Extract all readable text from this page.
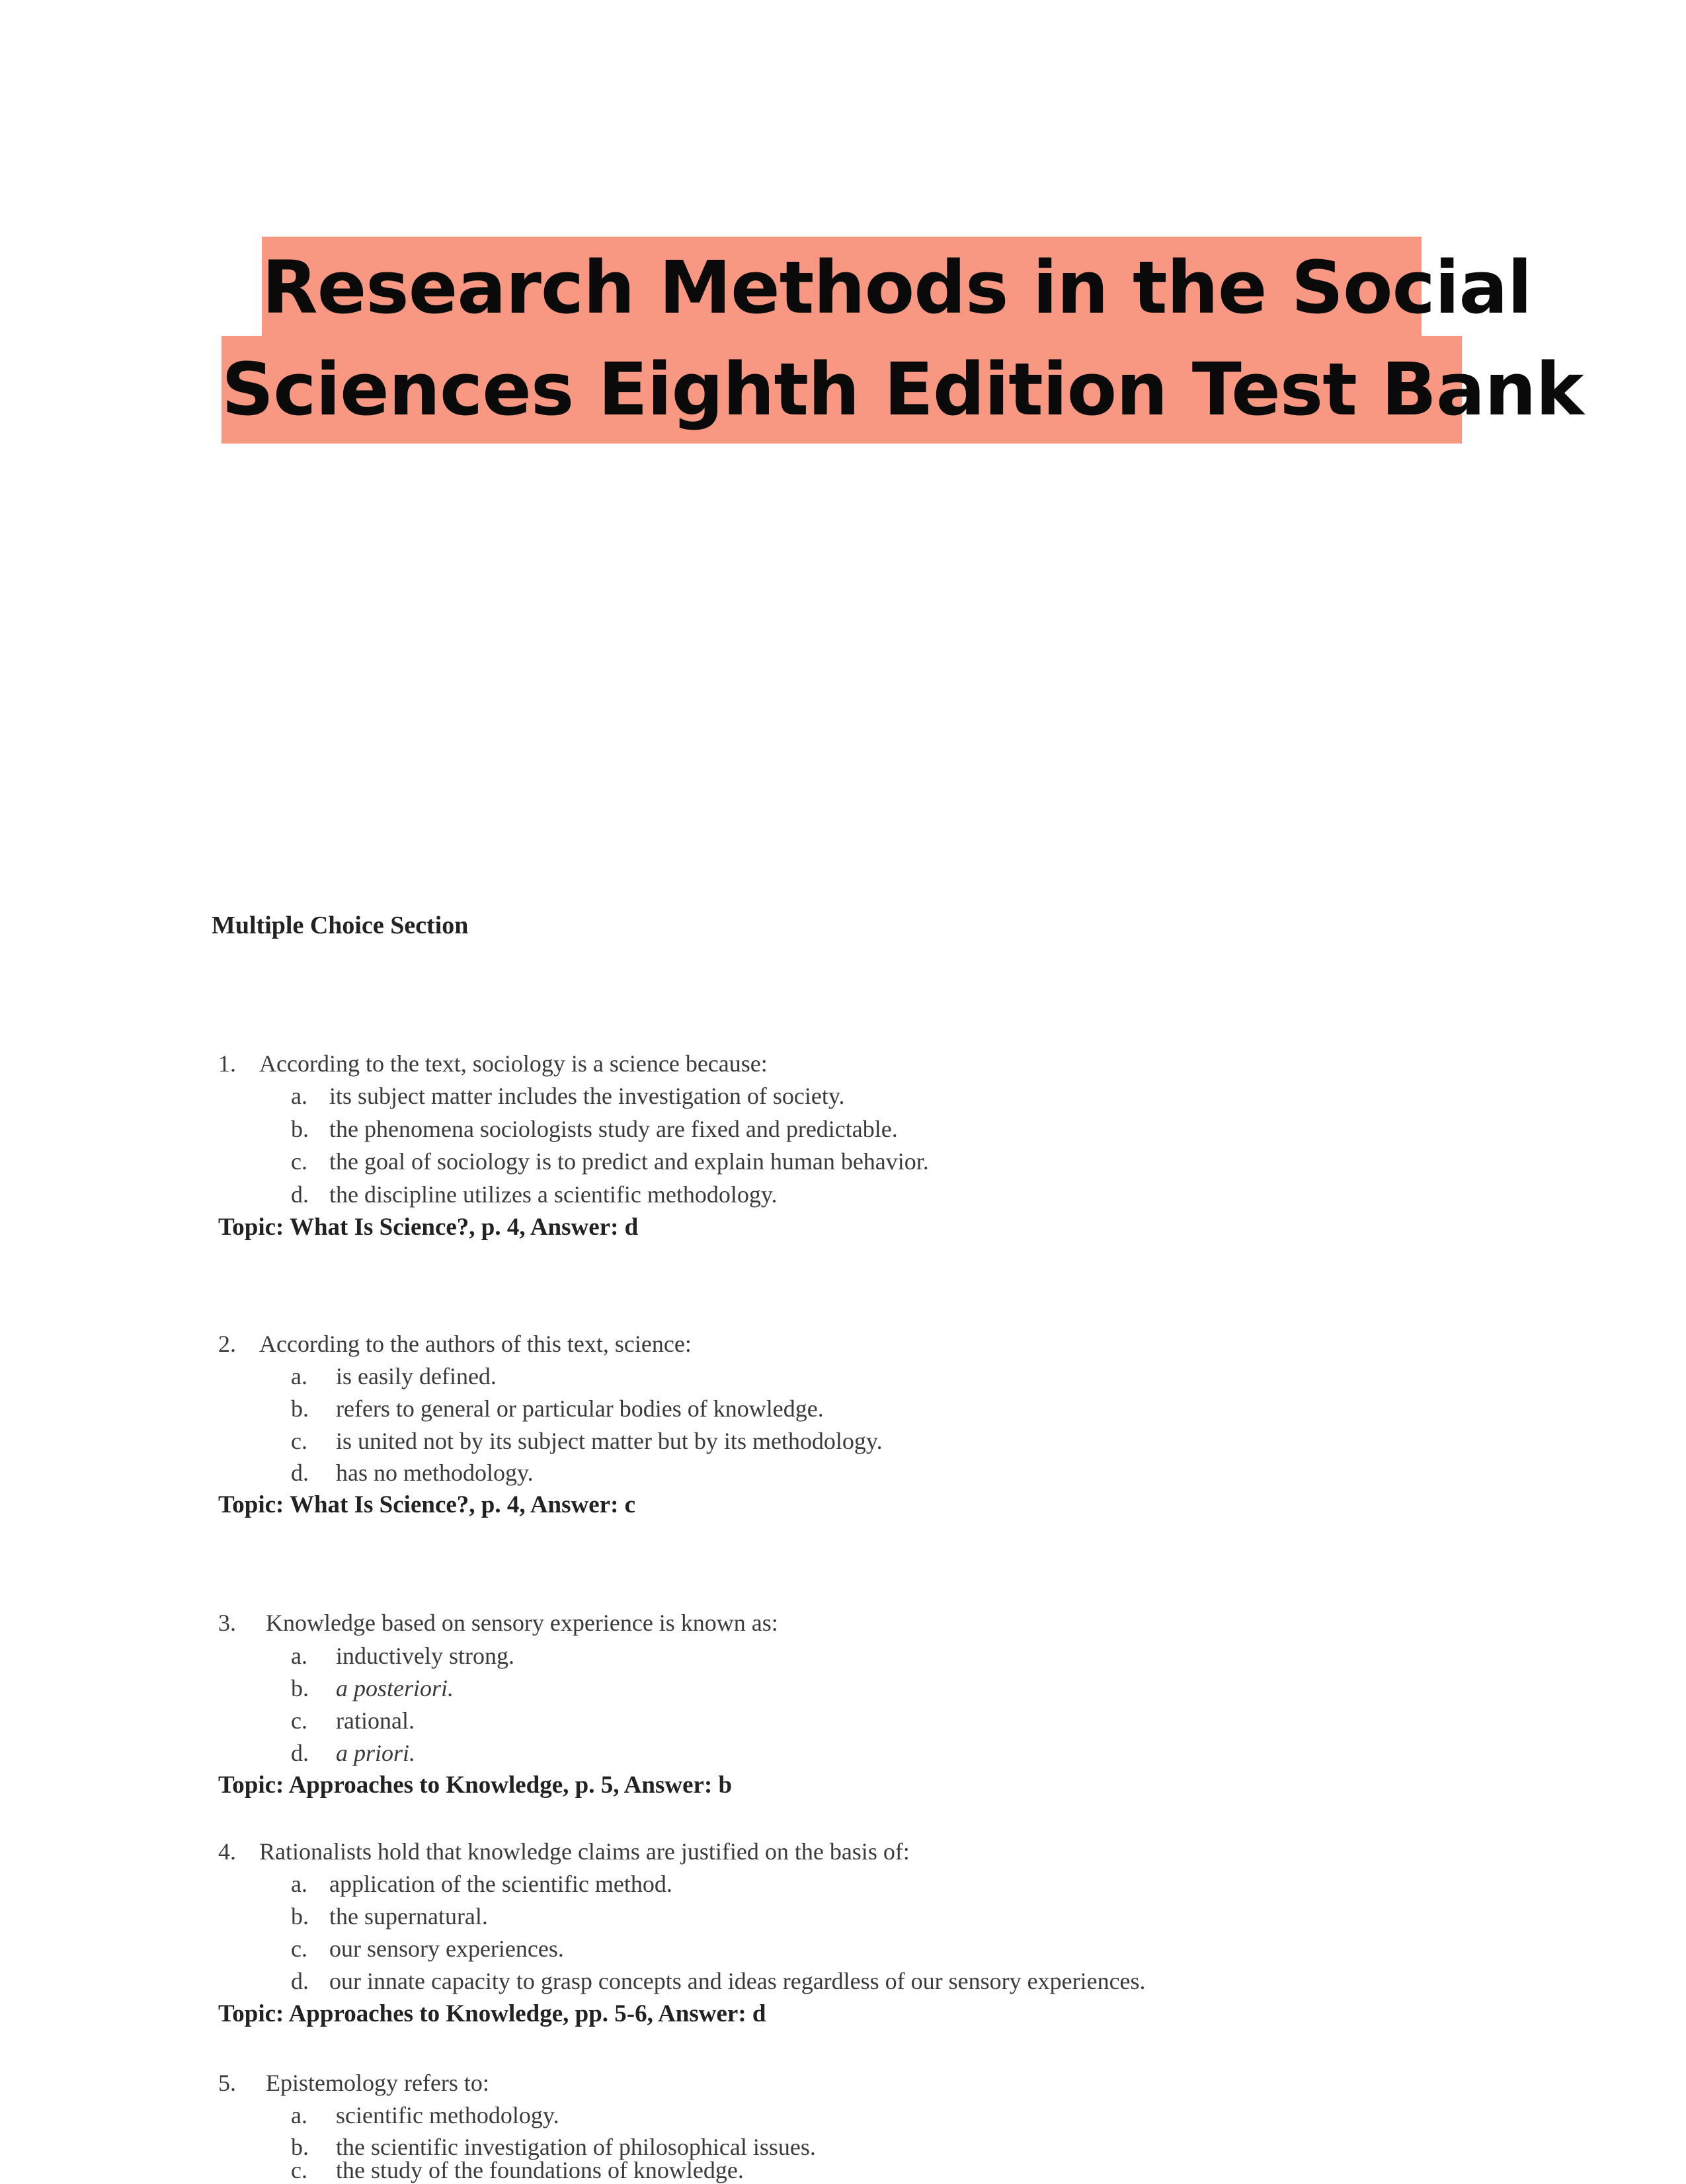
Research Methods in the Social
Sciences Eighth Edition Test Bank
Multiple Choice Section
1. According to the text, sociology is a science because:
a. its subject matter includes the investigation of society.
b. the phenomena sociologists study are fixed and predictable.
c. the goal of sociology is to predict and explain human behavior.
d. the discipline utilizes a scientific methodology.
Topic: What Is Science?, p. 4, Answer: d
2. According to the authors of this text, science:
a. is easily defined.
b. refers to general or particular bodies of knowledge.
c. is united not by its subject matter but by its methodology.
d. has no methodology.
Topic: What Is Science?, p. 4, Answer: c
3. Knowledge based on sensory experience is known as:
a. inductively strong.
b. a posteriori.
c. rational.
d. a priori.
Topic: Approaches to Knowledge, p. 5, Answer: b
4. Rationalists hold that knowledge claims are justified on the basis of:
a. application of the scientific method.
b. the supernatural.
c. our sensory experiences.
d. our innate capacity to grasp concepts and ideas regardless of our sensory experiences.
Topic: Approaches to Knowledge, pp. 5-6, Answer: d
5. Epistemology refers to:
a. scientific methodology.
b. the scientific investigation of philosophical issues.
c. the study of the foundations of knowledge.
